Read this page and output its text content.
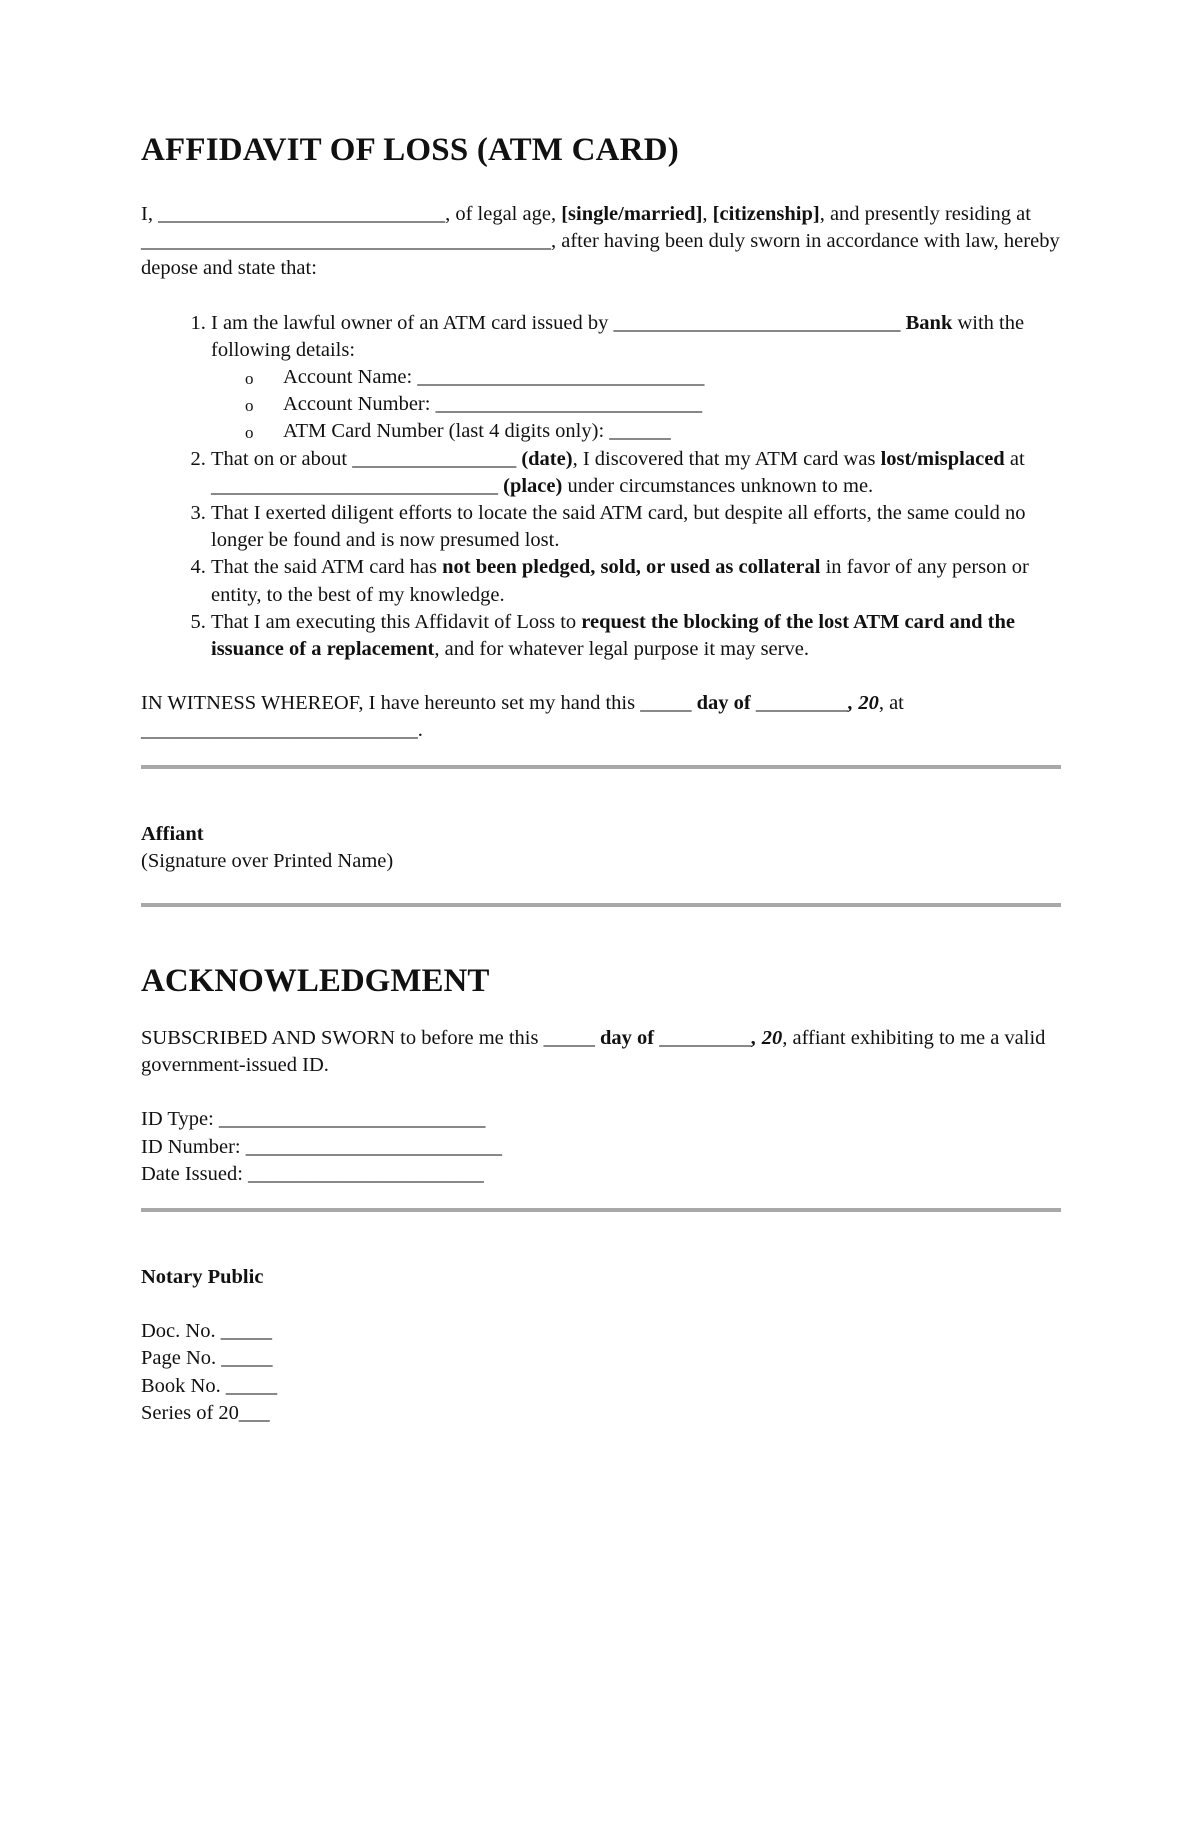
AFFIDAVIT OF LOSS (ATM CARD)

I, ____________________________, of legal age, [single/married], [citizenship], and presently residing at ________________________________________, after having been duly sworn in accordance with law, hereby depose and state that:

1. I am the lawful owner of an ATM card issued by ____________________________ Bank with the following details:
o Account Name: ____________________________
o Account Number: __________________________
o ATM Card Number (last 4 digits only): ______
2. That on or about ________________ (date), I discovered that my ATM card was lost/misplaced at ____________________________ (place) under circumstances unknown to me.
3. That I exerted diligent efforts to locate the said ATM card, but despite all efforts, the same could no longer be found and is now presumed lost.
4. That the said ATM card has not been pledged, sold, or used as collateral in favor of any person or entity, to the best of my knowledge.
5. That I am executing this Affidavit of Loss to request the blocking of the lost ATM card and the issuance of a replacement, and for whatever legal purpose it may serve.

IN WITNESS WHEREOF, I have hereunto set my hand this _____ day of _________, 20, at ___________________________.

Affiant
(Signature over Printed Name)

ACKNOWLEDGMENT

SUBSCRIBED AND SWORN to before me this _____ day of _________, 20, affiant exhibiting to me a valid government-issued ID.

ID Type: __________________________
ID Number: _________________________
Date Issued: _______________________

Notary Public

Doc. No. _____
Page No. _____
Book No. _____
Series of 20___
